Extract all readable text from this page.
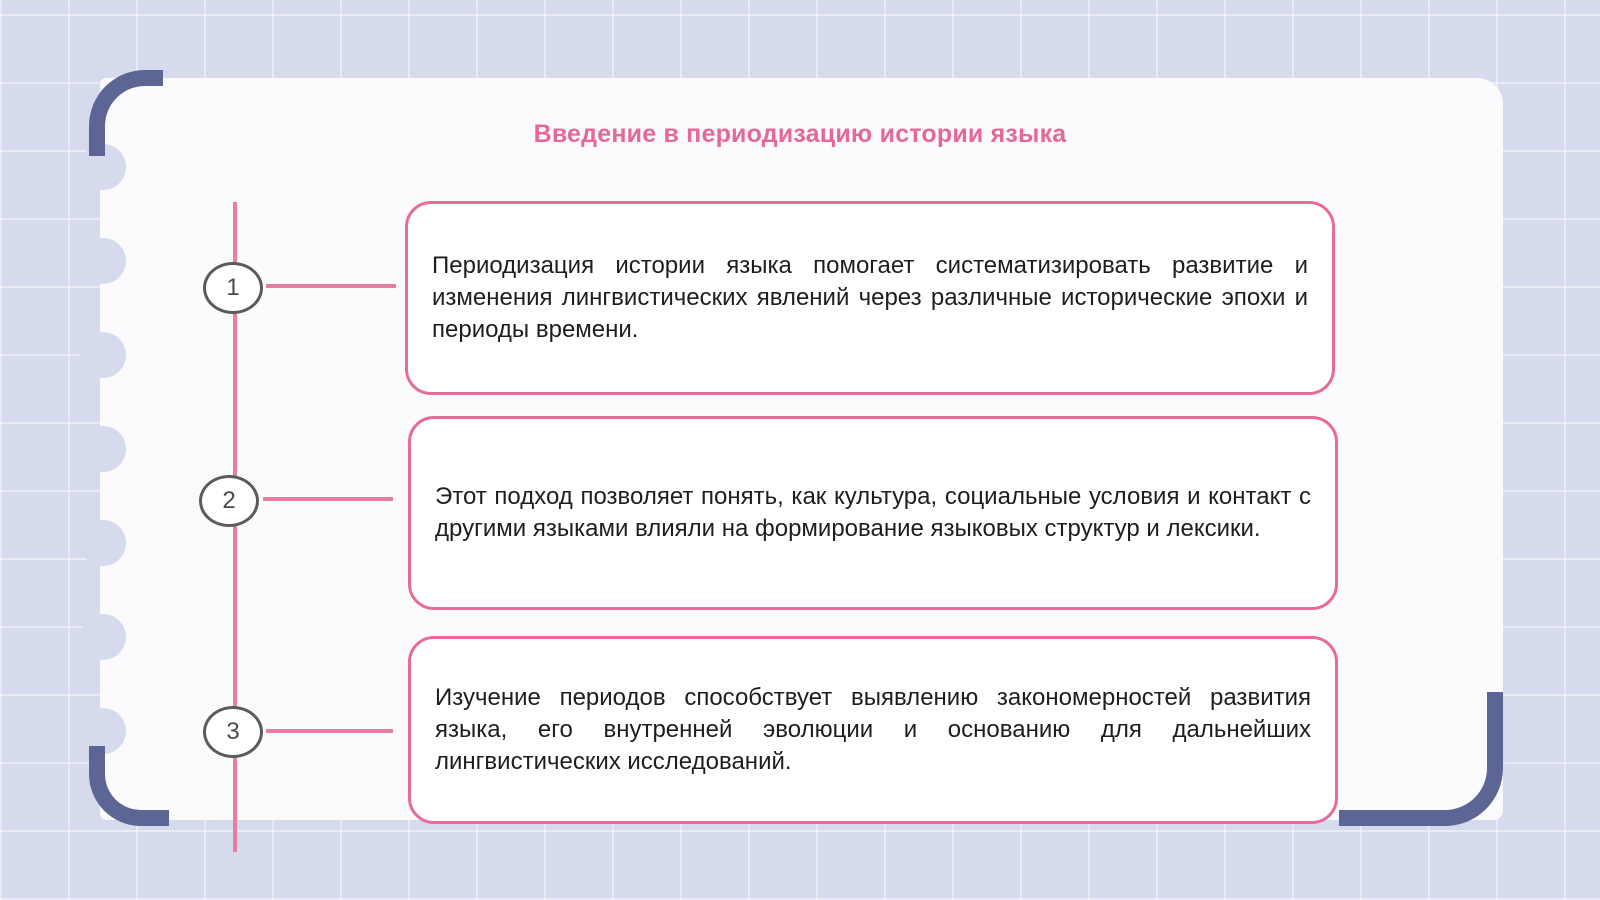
Введение в периодизацию истории языка
1
2
3

Периодизация истории языка помогает систематизировать развитие и изменения лингвистических явлений через различные исторические эпохи и периоды времени.

Этот подход позволяет понять, как культура, социальные условия и контакт с другими языками влияли на формирование языковых структур и лексики.

Изучение периодов способствует выявлению закономерностей развития языка, его внутренней эволюции и основанию для дальнейших лингвистических исследований.
